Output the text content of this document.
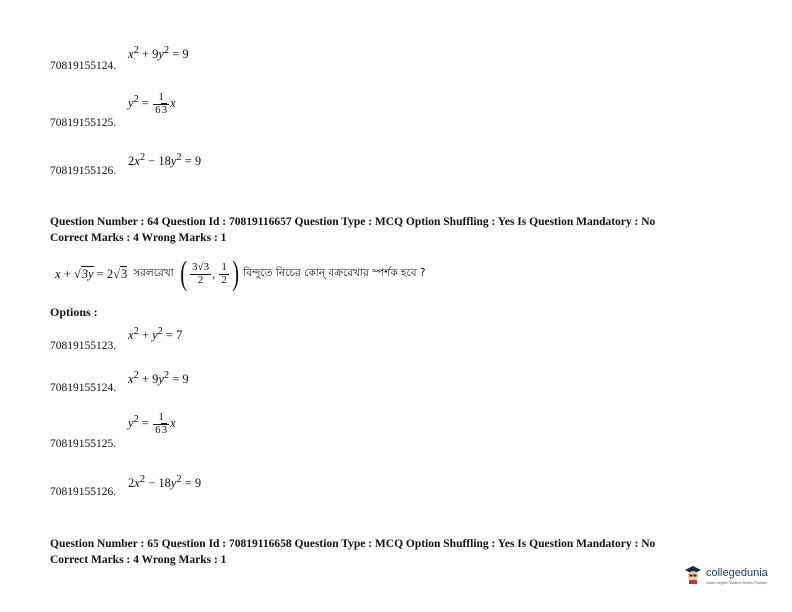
$x^2 + 9y^2 = 9$
70819155124.
$y^2 = \frac{1}{63}$ x
70819155125.
$2x^2 - 18y^2 = 9$
70819155126.
Question Number : 64 Question Id : 70819116657 Question Type : MCQ Option Shuffling : Yes Is Question Mandatory : No
Correct Marks : 4 Wrong Marks : 1
x + √3y = 2√3 সরলরেখা ( $\frac{3√3}{2}$ , $\frac{1}{2}$ ) বিন্দুতে নিচের কোন্ বক্ররেখার স্পর্শক হবে ?
Options :
$x^2 + y^2 = 7$
70819155123.
$x^2 + 9y^2 = 9$
70819155124.
$y^2 = \frac{1}{63}$ x
70819155125.
$2x^2 - 18y^2 = 9$
70819155126.
Question Number : 65 Question Id : 70819116658 Question Type : MCQ Option Shuffling : Yes Is Question Mandatory : No
Correct Marks : 4 Wrong Marks : 1
collegedunia
India's largest Student Review Platform
